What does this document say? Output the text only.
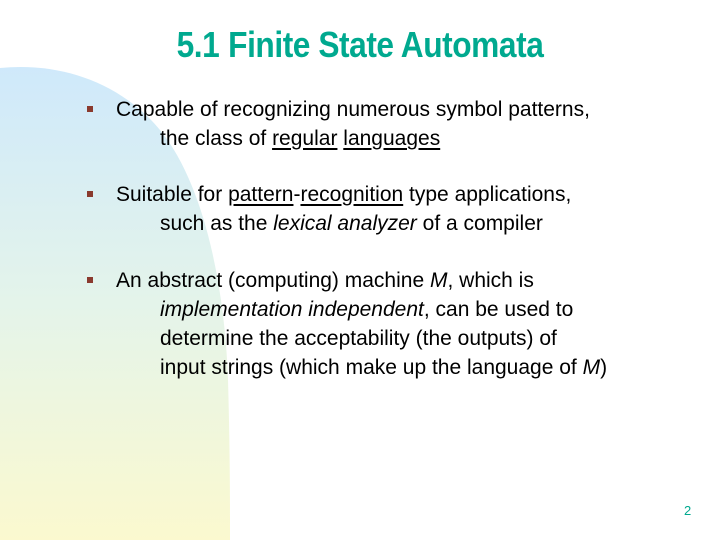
5.1 Finite State Automata
Capable of recognizing numerous symbol patterns,
the class of regular languages
Suitable for pattern-recognition type applications,
such as the lexical analyzer of a compiler
An abstract (computing) machine M, which is
implementation independent, can be used to
determine the acceptability (the outputs) of
input strings (which make up the language of M)
2
